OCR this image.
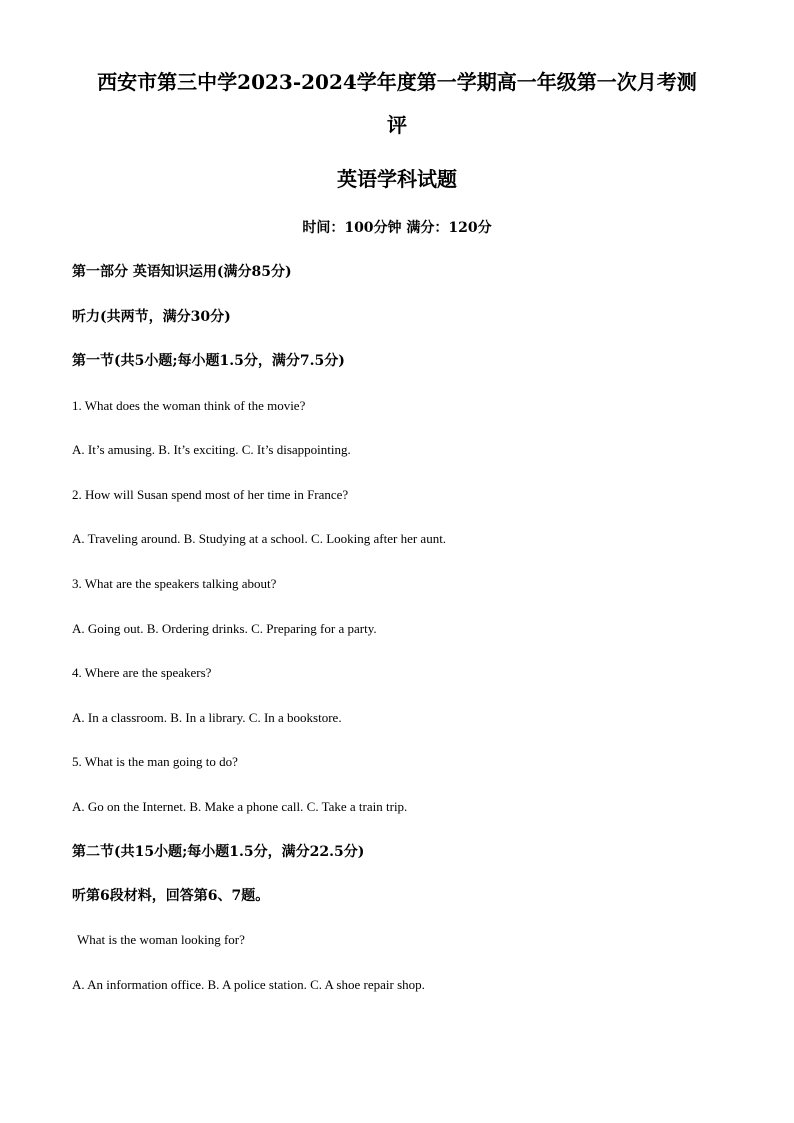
西安市第三中学2023-2024学年度第一学期高一年级第一次月考测
评
英语学科试题
时间：100分钟 满分：120分
第一部分 英语知识运用(满分85分)
听力(共两节，满分30分)
第一节(共5小题;每小题1.5分，满分7.5分)
1. What does the woman think of the movie?
A. It’s amusing. B. It’s exciting. C. It’s disappointing.
2. How will Susan spend most of her time in France?
A. Traveling around. B. Studying at a school. C. Looking after her aunt.
3. What are the speakers talking about?
A. Going out. B. Ordering drinks. C. Preparing for a party.
4. Where are the speakers?
A. In a classroom. B. In a library. C. In a bookstore.
5. What is the man going to do?
A. Go on the Internet. B. Make a phone call. C. Take a train trip.
第二节(共15小题;每小题1.5分，满分22.5分)
听第6段材料，回答第6、7题。
What is the woman looking for?
A. An information office. B. A police station. C. A shoe repair shop.
